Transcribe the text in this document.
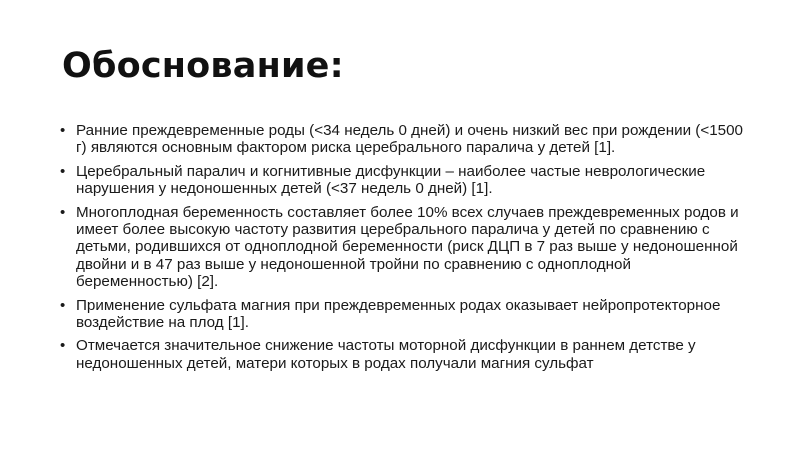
Обоснование:
• Ранние преждевременные роды (<34 недель 0 дней) и очень низкий вес при рождении (<1500 г) являются основным фактором риска церебрального паралича у детей [1].
• Церебральный паралич и когнитивные дисфункции – наиболее частые неврологические нарушения у недоношенных детей (<37 недель 0 дней) [1].
• Многоплодная беременность составляет более 10% всех случаев преждевременных родов и имеет более высокую частоту развития церебрального паралича у детей по сравнению с детьми, родившихся от одноплодной беременности (риск ДЦП в 7 раз выше у недоношенной двойни и в 47 раз выше у недоношенной тройни по сравнению с одноплодной беременностью) [2].
• Применение сульфата магния при преждевременных родах оказывает нейропротекторное воздействие на плод [1].
• Отмечается значительное снижение частоты моторной дисфункции в раннем детстве у недоношенных детей, матери которых в родах получали магния сульфат
